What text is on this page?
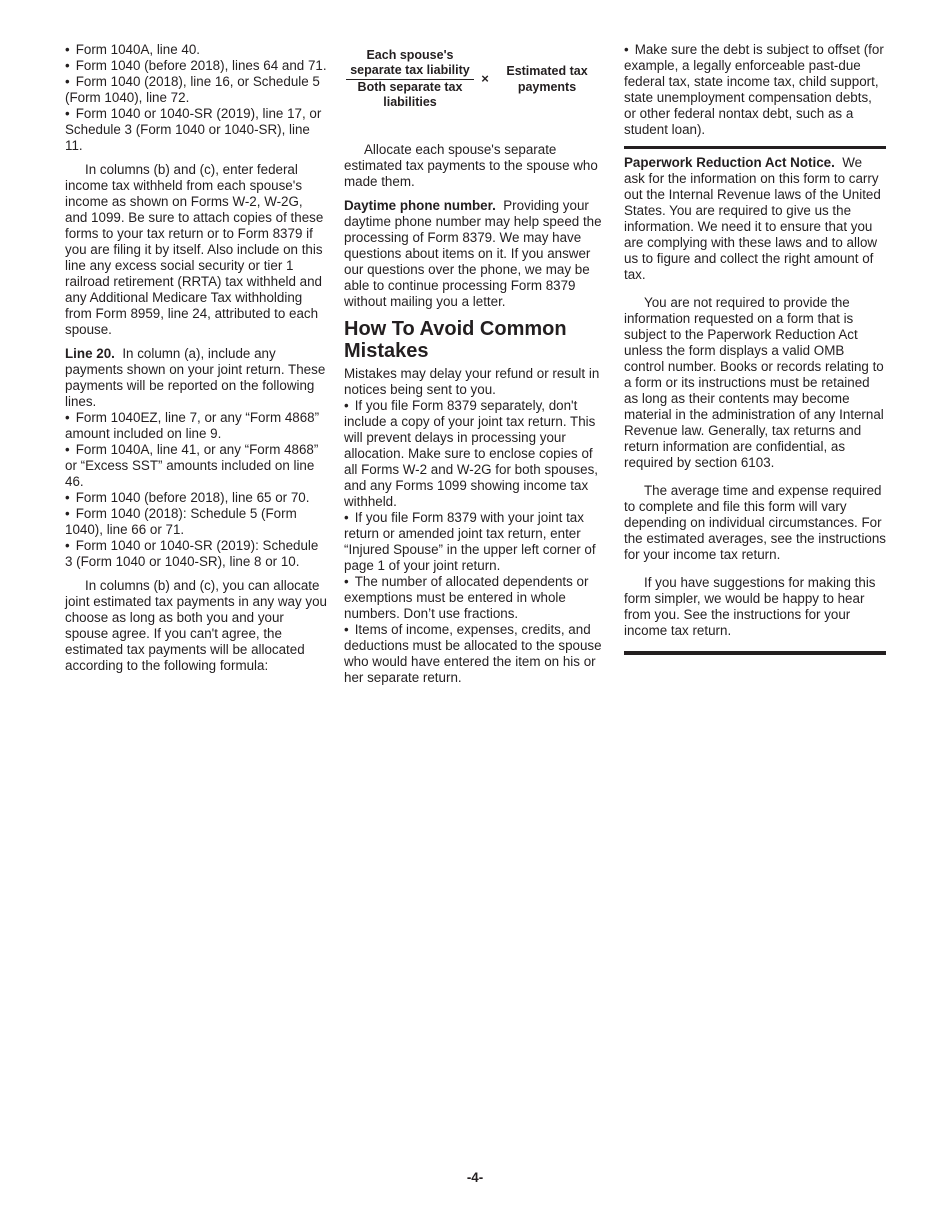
• Form 1040A, line 40.
• Form 1040 (before 2018), lines 64 and 71.
• Form 1040 (2018), line 16, or Schedule 5 (Form 1040), line 72.
• Form 1040 or 1040-SR (2019), line 17, or Schedule 3 (Form 1040 or 1040-SR), line 11.

In columns (b) and (c), enter federal income tax withheld from each spouse's income as shown on Forms W-2, W-2G, and 1099. Be sure to attach copies of these forms to your tax return or to Form 8379 if you are filing it by itself. Also include on this line any excess social security or tier 1 railroad retirement (RRTA) tax withheld and any Additional Medicare Tax withholding from Form 8959, line 24, attributed to each spouse.

Line 20. In column (a), include any payments shown on your joint return. These payments will be reported on the following lines.

• Form 1040EZ, line 7, or any “Form 4868” amount included on line 9.
• Form 1040A, line 41, or any “Form 4868” or “Excess SST” amounts included on line 46.
• Form 1040 (before 2018), line 65 or 70.
• Form 1040 (2018): Schedule 5 (Form 1040), line 66 or 71.
• Form 1040 or 1040-SR (2019): Schedule 3 (Form 1040 or 1040-SR), line 8 or 10.

In columns (b) and (c), you can allocate joint estimated tax payments in any way you choose as long as both you and your spouse agree. If you can't agree, the estimated tax payments will be allocated according to the following formula:

$\frac{\text{Each spouse's separate tax liability}}{\text{Both separate tax liabilities}}$ ×	Estimated tax payments

Allocate each spouse's separate estimated tax payments to the spouse who made them.

Daytime phone number. Providing your daytime phone number may help speed the processing of Form 8379. We may have questions about items on it. If you answer our questions over the phone, we may be able to continue processing Form 8379 without mailing you a letter.

How To Avoid Common Mistakes
Mistakes may delay your refund or result in notices being sent to you.
• If you file Form 8379 separately, don't include a copy of your joint tax return. This will prevent delays in processing your allocation. Make sure to enclose copies of all Forms W-2 and W-2G for both spouses, and any Forms 1099 showing income tax withheld.
• If you file Form 8379 with your joint tax return or amended joint tax return, enter “Injured Spouse” in the upper left corner of page 1 of your joint return.
• The number of allocated dependents or exemptions must be entered in whole numbers. Don’t use fractions.
• Items of income, expenses, credits, and deductions must be allocated to the spouse who would have entered the item on his or her separate return.
• Make sure the debt is subject to offset (for example, a legally enforceable past-due federal tax, state income tax, child support, state unemployment compensation debts, or other federal nontax debt, such as a student loan).

Paperwork Reduction Act Notice. We ask for the information on this form to carry out the Internal Revenue laws of the United States. You are required to give us the information. We need it to ensure that you are complying with these laws and to allow us to figure and collect the right amount of tax.

You are not required to provide the information requested on a form that is subject to the Paperwork Reduction Act unless the form displays a valid OMB control number. Books or records relating to a form or its instructions must be retained as long as their contents may become material in the administration of any Internal Revenue law. Generally, tax returns and return information are confidential, as required by section 6103.

The average time and expense required to complete and file this form will vary depending on individual circumstances. For the estimated averages, see the instructions for your income tax return.

If you have suggestions for making this form simpler, we would be happy to hear from you. See the instructions for your income tax return.

-4-
